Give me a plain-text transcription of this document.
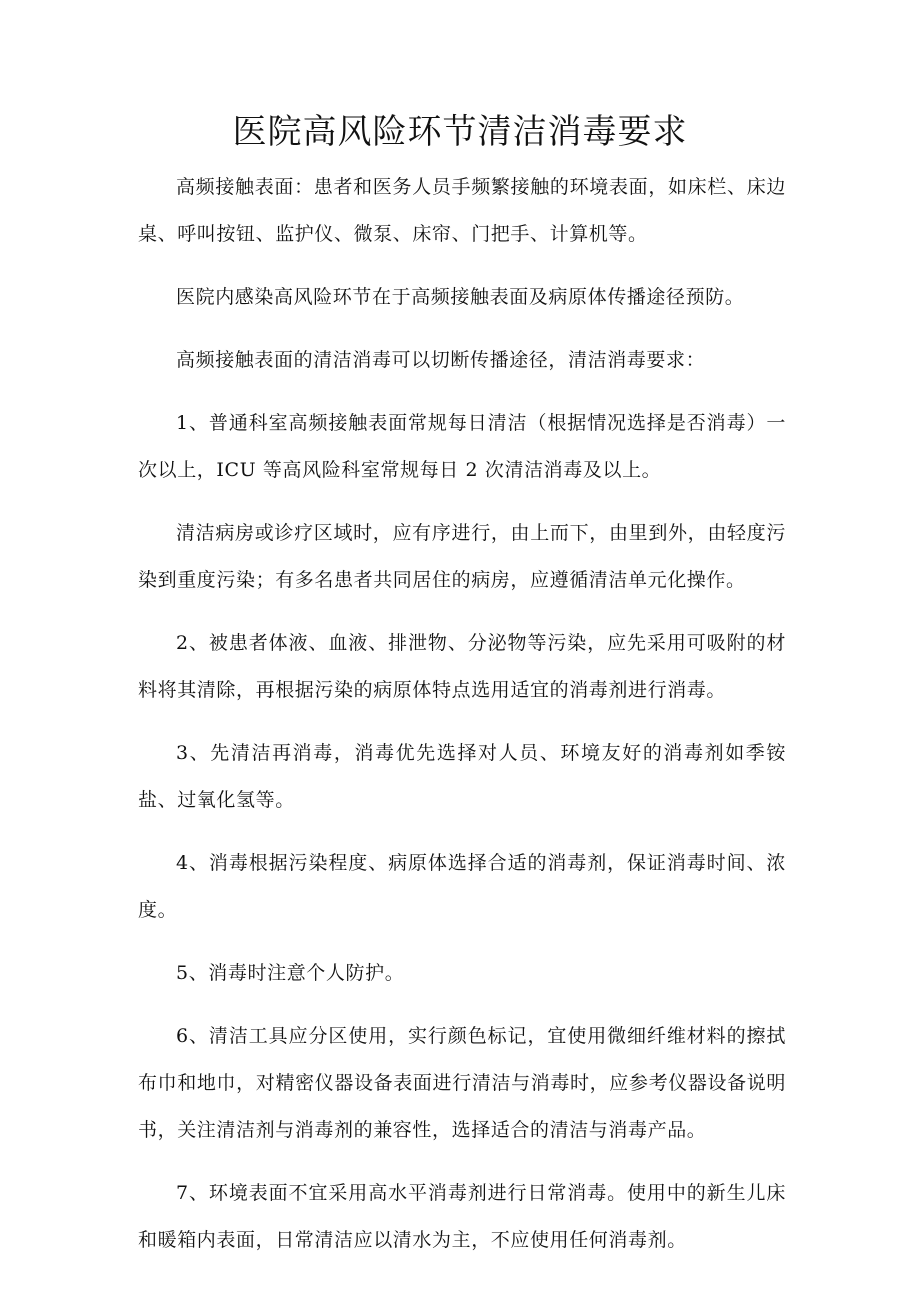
医院高风险环节清洁消毒要求

高频接触表面：患者和医务人员手频繁接触的环境表面，如床栏、床边桌、呼叫按钮、监护仪、微泵、床帘、门把手、计算机等。

医院内感染高风险环节在于高频接触表面及病原体传播途径预防。

高频接触表面的清洁消毒可以切断传播途径，清洁消毒要求：

1、普通科室高频接触表面常规每日清洁（根据情况选择是否消毒）一次以上，ICU 等高风险科室常规每日 2 次清洁消毒及以上。

清洁病房或诊疗区域时，应有序进行，由上而下，由里到外，由轻度污染到重度污染；有多名患者共同居住的病房，应遵循清洁单元化操作。

2、被患者体液、血液、排泄物、分泌物等污染，应先采用可吸附的材料将其清除，再根据污染的病原体特点选用适宜的消毒剂进行消毒。

3、先清洁再消毒，消毒优先选择对人员、环境友好的消毒剂如季铵盐、过氧化氢等。

4、消毒根据污染程度、病原体选择合适的消毒剂，保证消毒时间、浓度。

5、消毒时注意个人防护。

6、清洁工具应分区使用，实行颜色标记，宜使用微细纤维材料的擦拭布巾和地巾，对精密仪器设备表面进行清洁与消毒时，应参考仪器设备说明书，关注清洁剂与消毒剂的兼容性，选择适合的清洁与消毒产品。

7、环境表面不宜采用高水平消毒剂进行日常消毒。使用中的新生儿床和暖箱内表面，日常清洁应以清水为主，不应使用任何消毒剂。
